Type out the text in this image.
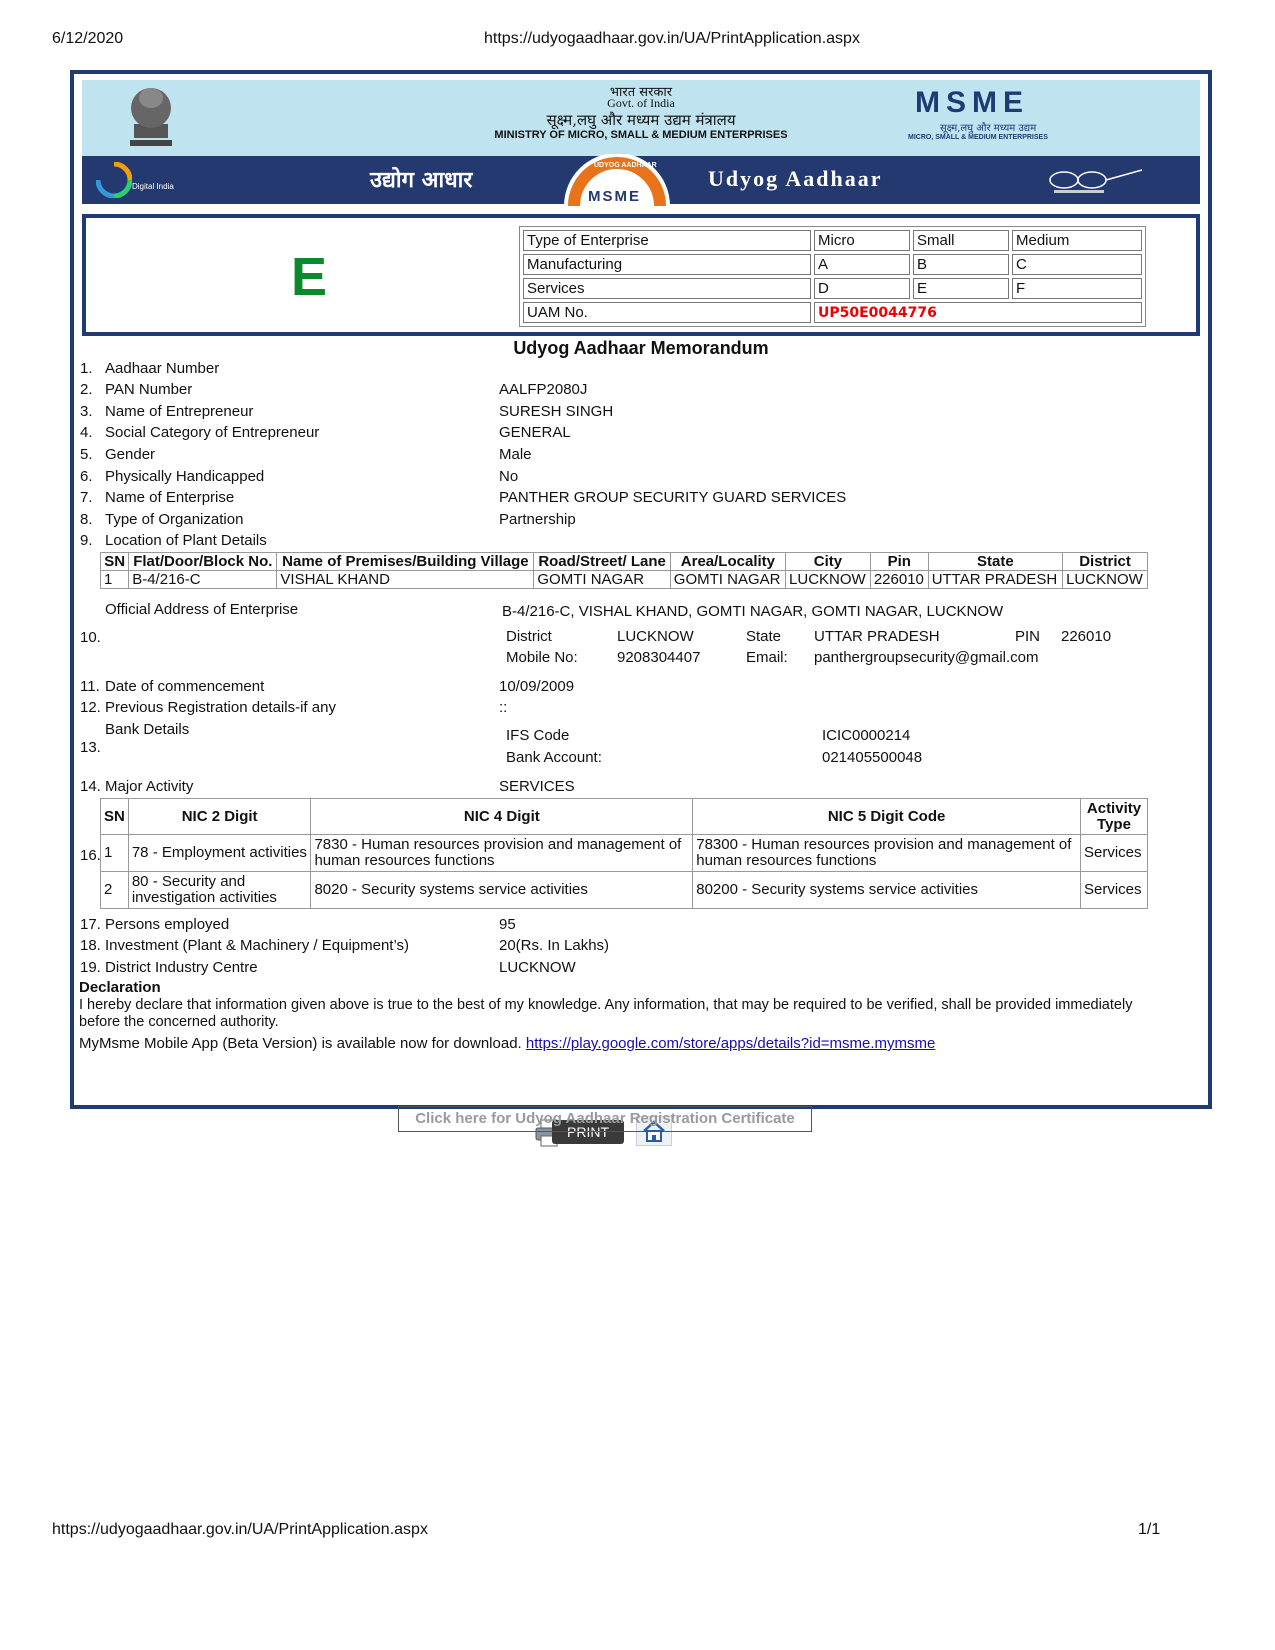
6/12/2020	https://udyogaadhaar.gov.in/UA/PrintApplication.aspx
भारत सरकार
Govt. of India
सूक्ष्म,लघु और मध्यम उद्यम मंत्रालय
MINISTRY OF MICRO, SMALL & MEDIUM ENTERPRISES
MSME
सूक्ष्म,लघु और मध्यम उद्यम
MICRO, SMALL & MEDIUM ENTERPRISES
Digital India	उद्योग आधार
UDYOG AADHAAR
MSME
Udyog Aadhaar
E
Type of Enterprise	Micro	Small	Medium
Manufacturing	A	B	C
Services	D	E	F
UAM No.	UP50E0044776		
Udyog Aadhaar Memorandum
1. Aadhaar Number
2. PAN Number	AALFP2080J
3. Name of Entrepreneur	SURESH SINGH
4. Social Category of Entrepreneur	GENERAL
5. Gender	Male
6. Physically Handicapped	No
7. Name of Enterprise	PANTHER GROUP SECURITY GUARD SERVICES
8. Type of Organization	Partnership
9. Location of Plant Details
SN	Flat/Door/Block No.	Name of Premises/Building Village	Road/Street/ Lane	Area/Locality	City	Pin	State	District
1	B-4/216-C	VISHAL KHAND	GOMTI NAGAR	GOMTI NAGAR	LUCKNOW	226010	UTTAR PRADESH	LUCKNOW
Official Address of Enterprise	B-4/216-C, VISHAL KHAND, GOMTI NAGAR, GOMTI NAGAR, LUCKNOW
10.	District	LUCKNOW	State UTTAR PRADESH	PIN 226010
Mobile No:	9208304407	Email: panthergroupsecurity@gmail.com
11. Date of commencement	10/09/2009
12. Previous Registration details-if any	::
Bank Details
13.
IFS Code	ICIC0000214
Bank Account:	021405500048
14. Major Activity	SERVICES
16.
SN	NIC 2 Digit	NIC 4 Digit	NIC 5 Digit Code	Activity Type
1	78 - Employment activities	7830 - Human resources provision and management of human resources functions	78300 - Human resources provision and management of human resources functions	Services
2	80 - Security and investigation activities	8020 - Security systems service activities	80200 - Security systems service activities	Services
17. Persons employed	95
18. Investment (Plant & Machinery / Equipment’s)	20(Rs. In Lakhs)
19. District Industry Centre	LUCKNOW
Declaration
I hereby declare that information given above is true to the best of my knowledge. Any information, that may be required to be verified, shall be provided immediately before the concerned authority.
MyMsme Mobile App (Beta Version) is available now for download. https://play.google.com/store/apps/details?id=msme.mymsme
PRINT
Click here for Udyog Aadhaar Registration Certificate
https://udyogaadhaar.gov.in/UA/PrintApplication.aspx	1/1
